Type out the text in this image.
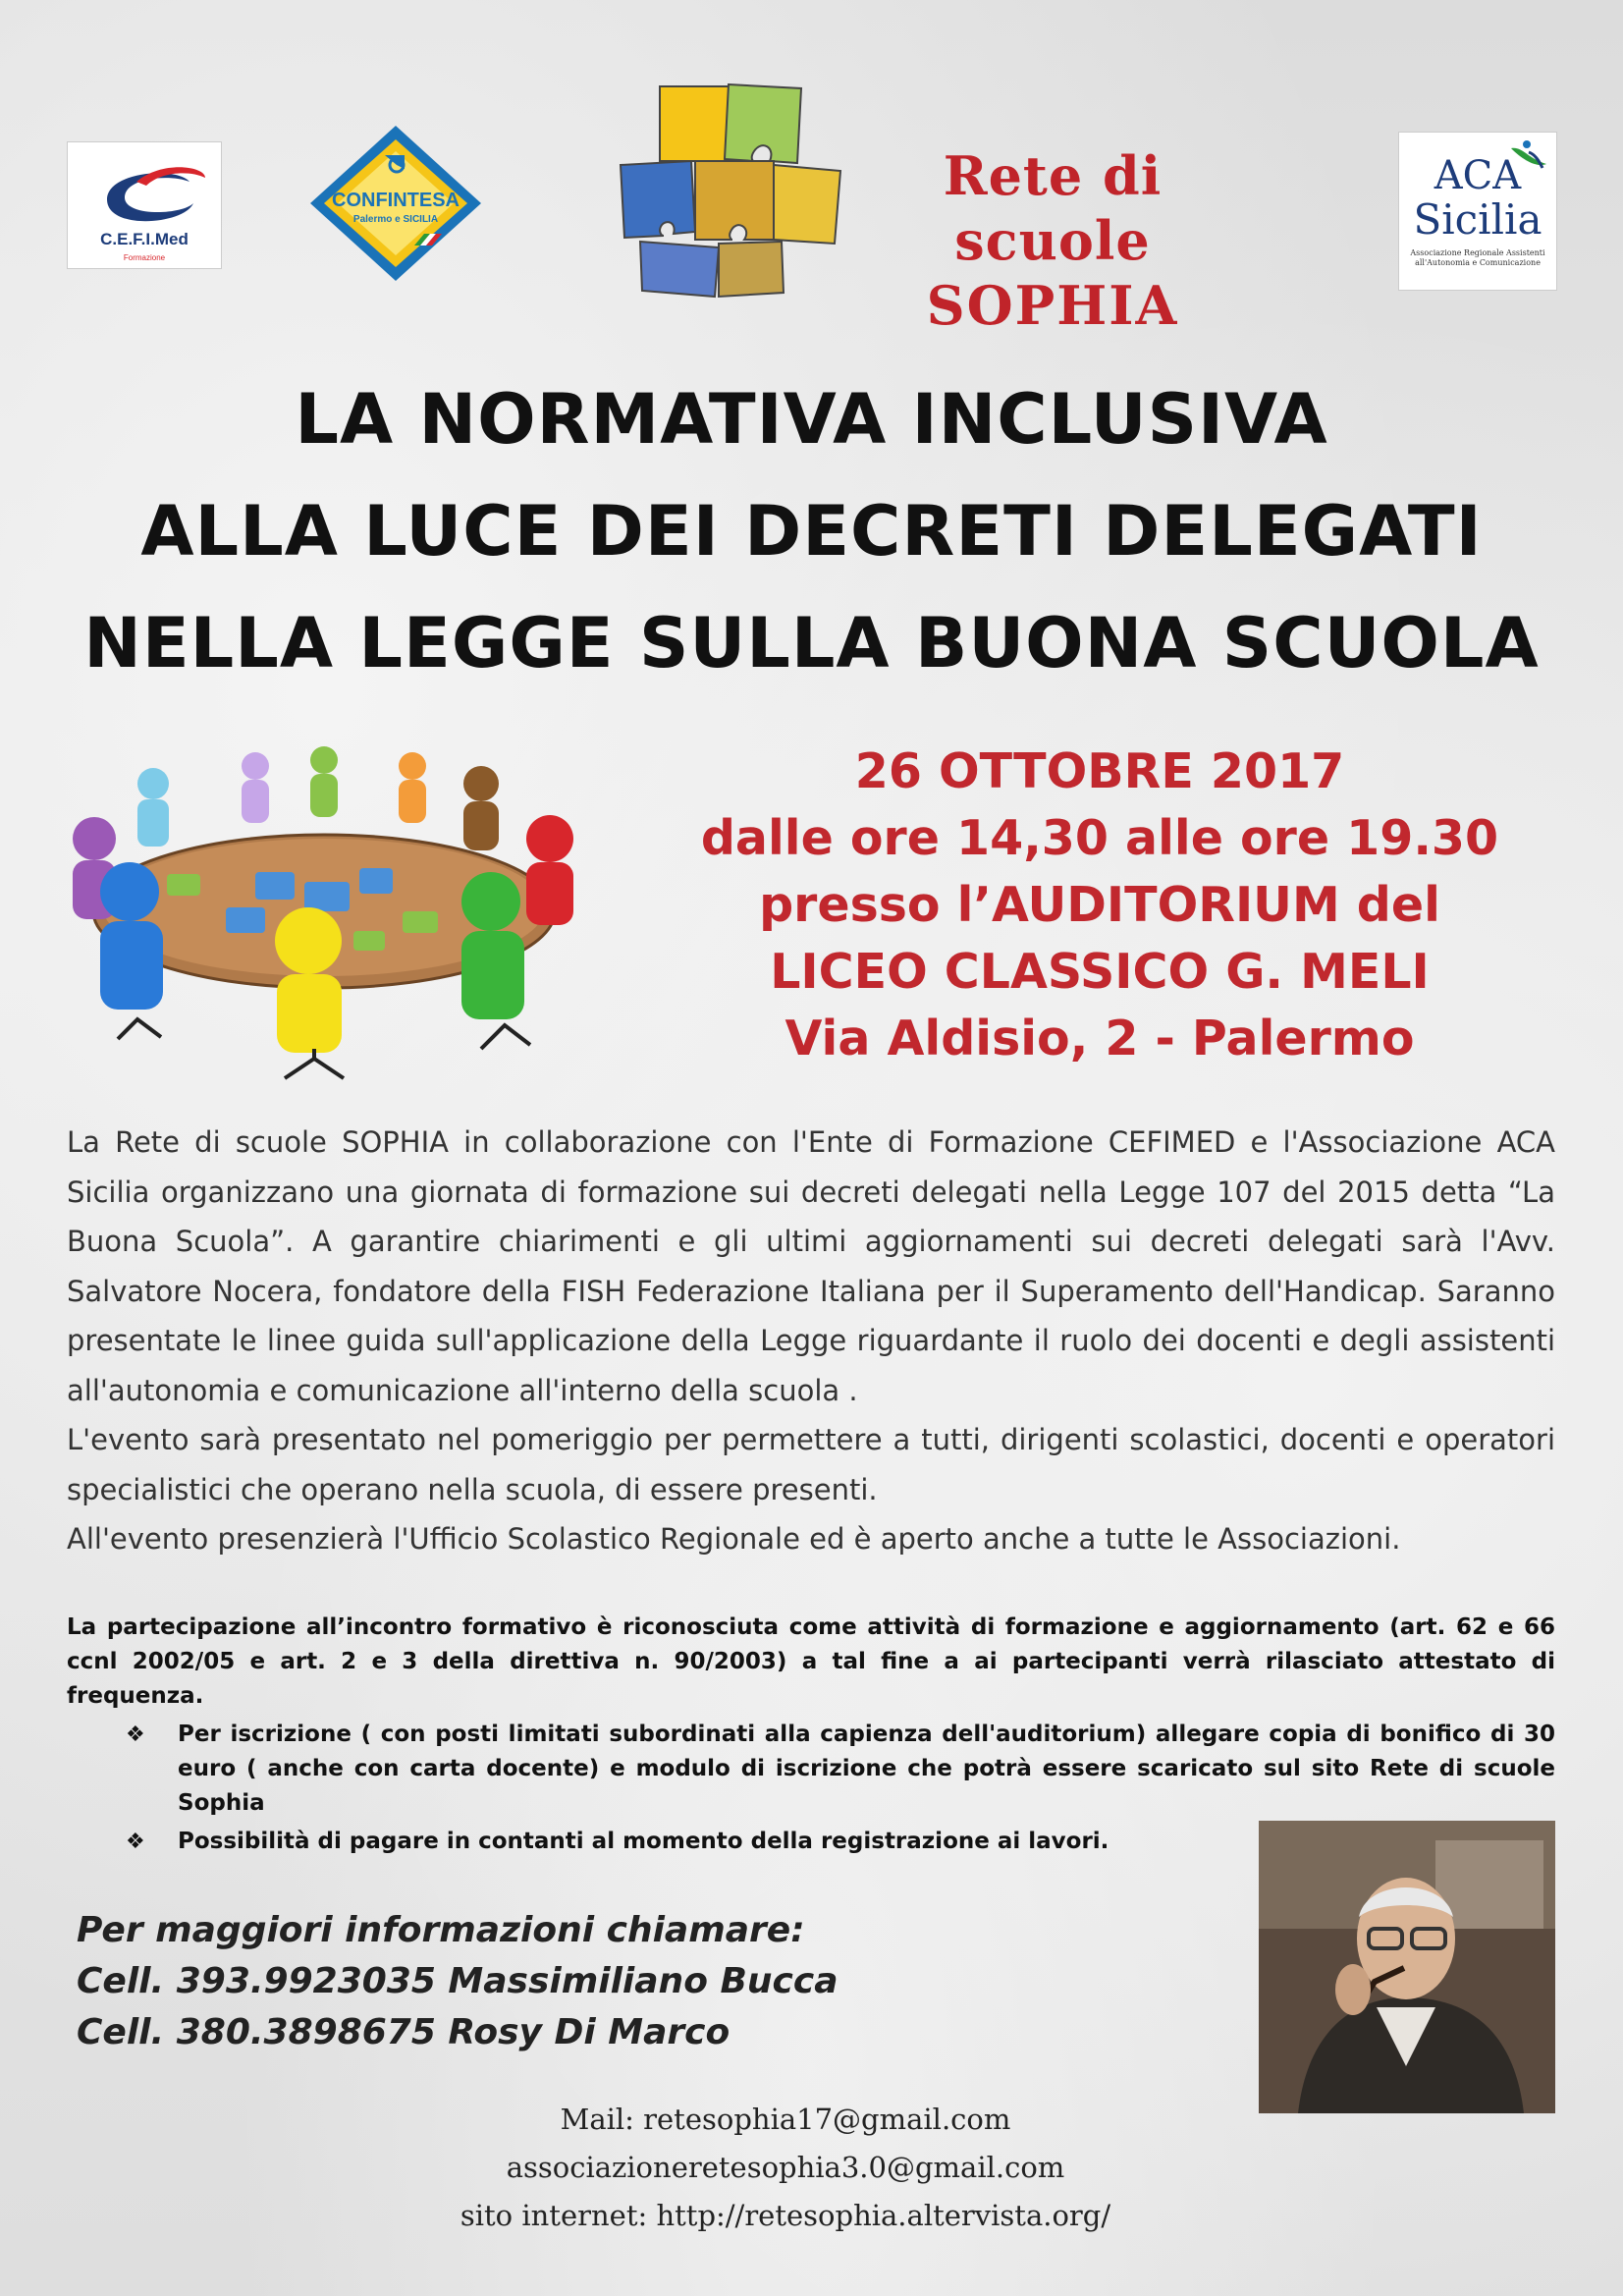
C.E.F.I.Med
Formazione
CONFINTESA
Palermo e SICILIA
Rete di scuole
SOPHIA
ACA
Sicilia
Associazione Regionale Assistenti
all'Autonomia e Comunicazione
LA NORMATIVA INCLUSIVA
ALLA LUCE DEI DECRETI DELEGATI
NELLA LEGGE SULLA BUONA SCUOLA
26 OTTOBRE 2017
dalle ore 14,30 alle ore 19.30
presso l’AUDITORIUM del
LICEO CLASSICO G. MELI
Via Aldisio, 2 - Palermo

La Rete di scuole SOPHIA in collaborazione con l'Ente di Formazione CEFIMED e l'Associazione ACA Sicilia organizzano una giornata di formazione sui decreti delegati nella Legge 107 del 2015 detta “La Buona Scuola”. A garantire chiarimenti e gli ultimi aggiornamenti sui decreti delegati sarà l'Avv. Salvatore Nocera, fondatore della FISH Federazione Italiana per il Superamento dell'Handicap. Saranno presentate le linee guida sull'applicazione della Legge riguardante il ruolo dei docenti e degli assistenti all'autonomia e comunicazione all'interno della scuola .

L'evento sarà presentato nel pomeriggio per permettere a tutti, dirigenti scolastici, docenti e operatori specialistici che operano nella scuola, di essere presenti.

All'evento presenzierà l'Ufficio Scolastico Regionale ed è aperto anche a tutte le Associazioni.

La partecipazione all’incontro formativo è riconosciuta come attività di formazione e aggiornamento (art. 62 e 66 ccnl 2002/05 e art. 2 e 3 della direttiva n. 90/2003) a tal fine a ai partecipanti verrà rilasciato attestato di frequenza.

❖ Per iscrizione ( con posti limitati subordinati alla capienza dell'auditorium) allegare copia di bonifico di 30 euro ( anche con carta docente) e modulo di iscrizione che potrà essere scaricato sul sito Rete di scuole Sophia
❖ Possibilità di pagare in contanti al momento della registrazione ai lavori.
Per maggiori informazioni chiamare:
Cell. 393.9923035 Massimiliano Bucca
Cell. 380.3898675 Rosy Di Marco
Mail: retesophia17@gmail.com
associazioneretesophia3.0@gmail.com
sito internet: http://retesophia.altervista.org/
